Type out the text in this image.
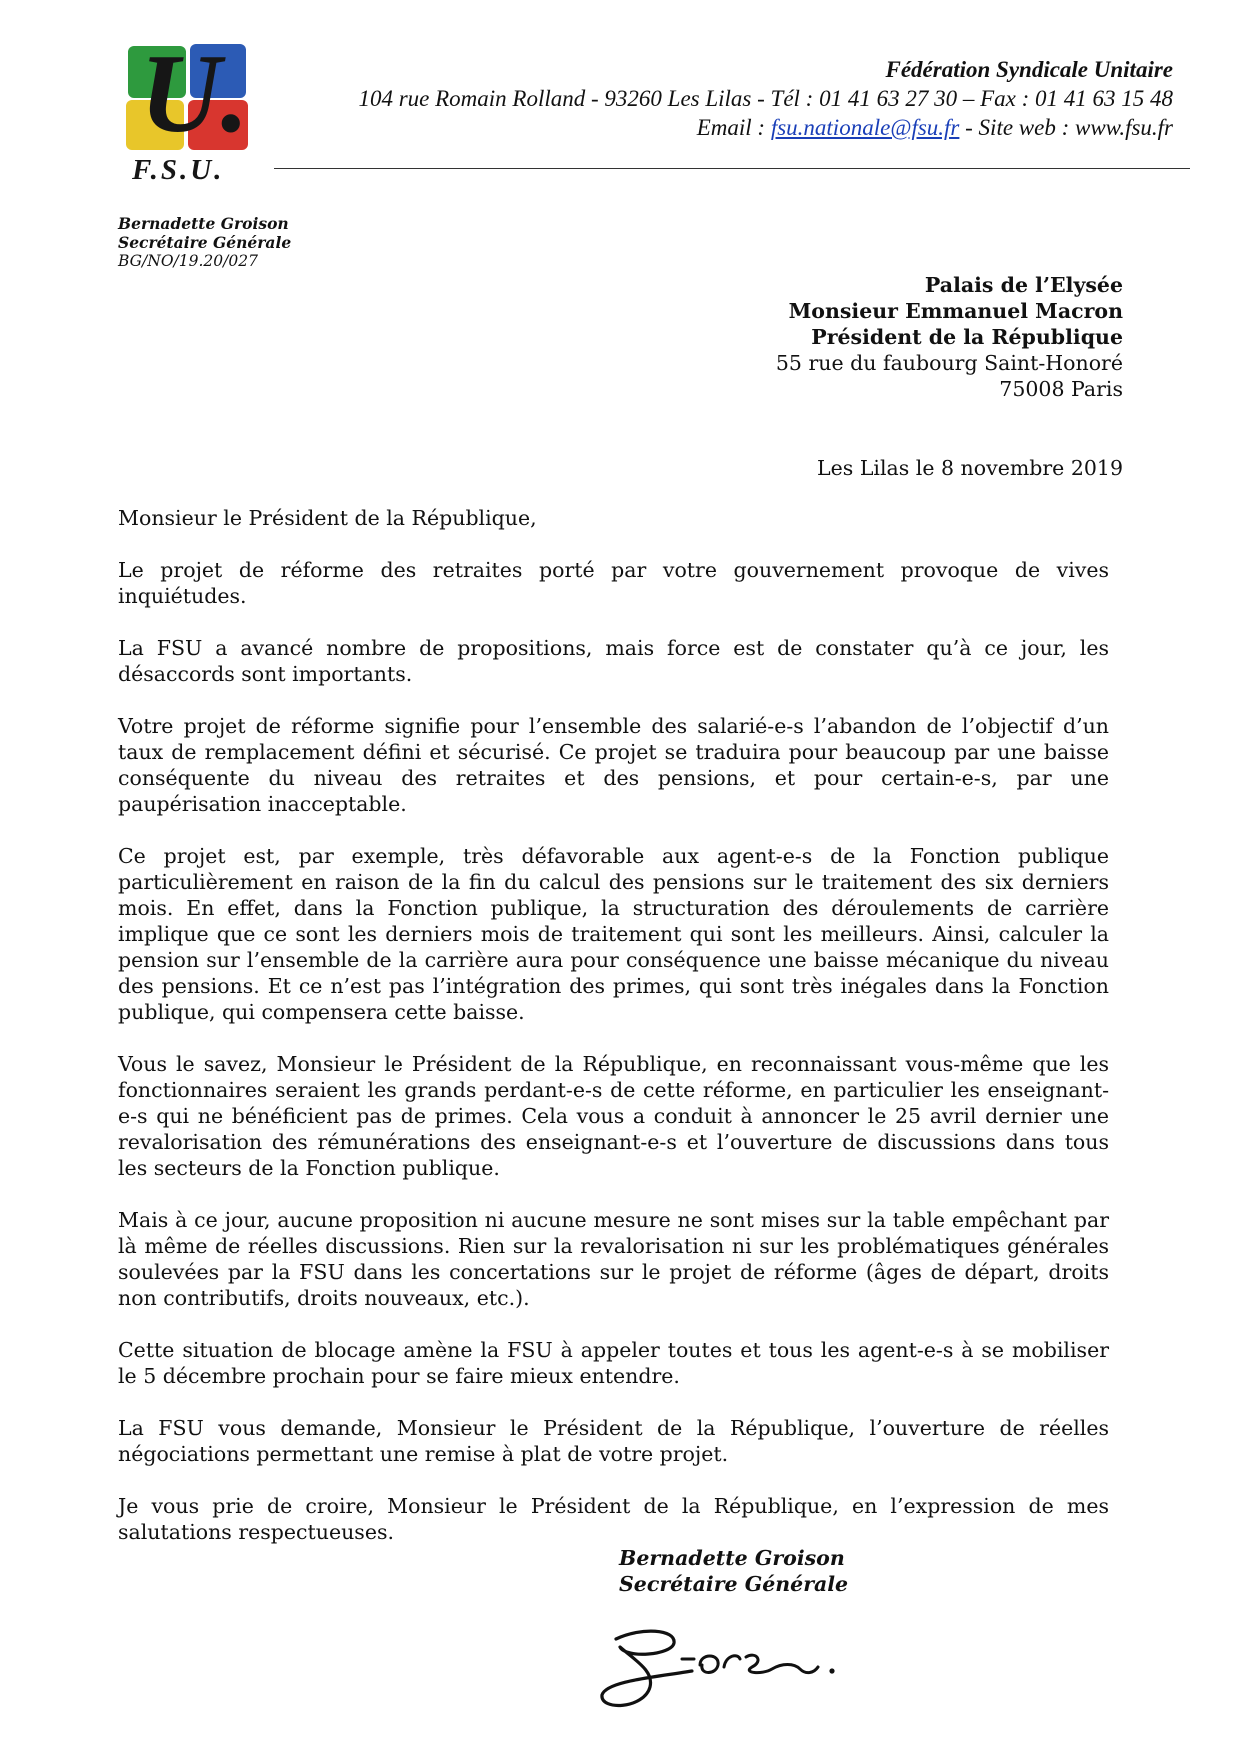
U.
F.S.U.
Fédération Syndicale Unitaire
104 rue Romain Rolland - 93260 Les Lilas - Tél : 01 41 63 27 30 – Fax : 01 41 63 15 48
Email : fsu.nationale@fsu.fr - Site web : www.fsu.fr
Bernadette Groison
Secrétaire Générale
BG/NO/19.20/027
Palais de l’Elysée
Monsieur Emmanuel Macron
Président de la République
55 rue du faubourg Saint-Honoré
75008 Paris
Les Lilas le 8 novembre 2019

Monsieur le Président de la République,

Le projet de réforme des retraites porté par votre gouvernement provoque de vives inquiétudes.

La FSU a avancé nombre de propositions, mais force est de constater qu’à ce jour, les désaccords sont importants.

Votre projet de réforme signifie pour l’ensemble des salarié-e-s l’abandon de l’objectif d’un taux de remplacement défini et sécurisé. Ce projet se traduira pour beaucoup par une baisse conséquente du niveau des retraites et des pensions, et pour certain-e-s, par une paupérisation inacceptable.

Ce projet est, par exemple, très défavorable aux agent-e-s de la Fonction publique particulièrement en raison de la fin du calcul des pensions sur le traitement des six derniers mois. En effet, dans la Fonction publique, la structuration des déroulements de carrière implique que ce sont les derniers mois de traitement qui sont les meilleurs. Ainsi, calculer la pension sur l’ensemble de la carrière aura pour conséquence une baisse mécanique du niveau des pensions. Et ce n’est pas l’intégration des primes, qui sont très inégales dans la Fonction publique, qui compensera cette baisse.

Vous le savez, Monsieur le Président de la République, en reconnaissant vous-même que les fonctionnaires seraient les grands perdant-e-s de cette réforme, en particulier les enseignant-e-s qui ne bénéficient pas de primes. Cela vous a conduit à annoncer le 25 avril dernier une revalorisation des rémunérations des enseignant-e-s et l’ouverture de discussions dans tous les secteurs de la Fonction publique.

Mais à ce jour, aucune proposition ni aucune mesure ne sont mises sur la table empêchant par là même de réelles discussions. Rien sur la revalorisation ni sur les problématiques générales soulevées par la FSU dans les concertations sur le projet de réforme (âges de départ, droits non contributifs, droits nouveaux, etc.).

Cette situation de blocage amène la FSU à appeler toutes et tous les agent-e-s à se mobiliser le 5 décembre prochain pour se faire mieux entendre.

La FSU vous demande, Monsieur le Président de la République, l’ouverture de réelles négociations permettant une remise à plat de votre projet.

Je vous prie de croire, Monsieur le Président de la République, en l’expression de mes salutations respectueuses.

Bernadette Groison
Secrétaire Générale
